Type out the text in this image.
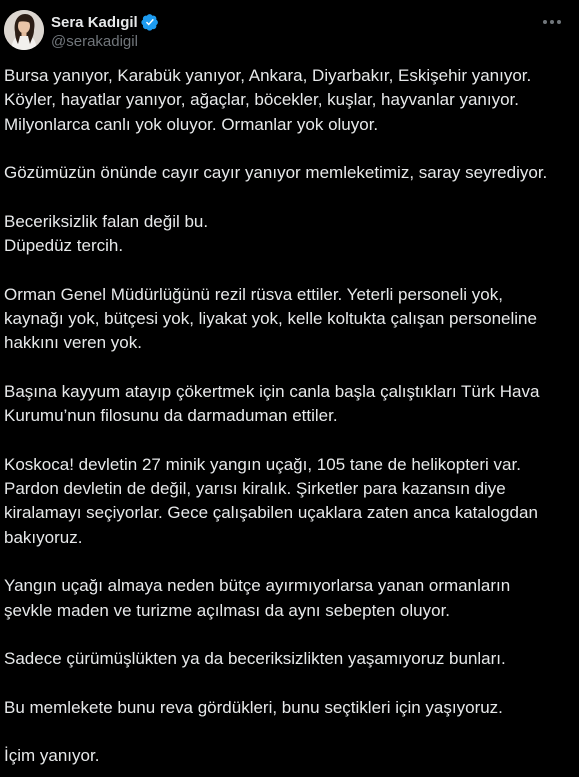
Sera Kadıgil
@serakadigil

Bursa yanıyor, Karabük yanıyor, Ankara, Diyarbakır, Eskişehir yanıyor.
Köyler, hayatlar yanıyor, ağaçlar, böcekler, kuşlar, hayvanlar yanıyor.
Milyonlarca canlı yok oluyor. Ormanlar yok oluyor.

Gözümüzün önünde cayır cayır yanıyor memleketimiz, saray seyrediyor.

Beceriksizlik falan değil bu.
Düpedüz tercih.

Orman Genel Müdürlüğünü rezil rüsva ettiler. Yeterli personeli yok,
kaynağı yok, bütçesi yok, liyakat yok, kelle koltukta çalışan personeline
hakkını veren yok.

Başına kayyum atayıp çökertmek için canla başla çalıştıkları Türk Hava
Kurumu’nun filosunu da darmaduman ettiler.

Koskoca! devletin 27 minik yangın uçağı, 105 tane de helikopteri var.
Pardon devletin de değil, yarısı kiralık. Şirketler para kazansın diye
kiralamayı seçiyorlar. Gece çalışabilen uçaklara zaten anca katalogdan
bakıyoruz.

Yangın uçağı almaya neden bütçe ayırmıyorlarsa yanan ormanların
şevkle maden ve turizme açılması da aynı sebepten oluyor.

Sadece çürümüşlükten ya da beceriksizlikten yaşamıyoruz bunları.

Bu memlekete bunu reva gördükleri, bunu seçtikleri için yaşıyoruz.

İçim yanıyor.
